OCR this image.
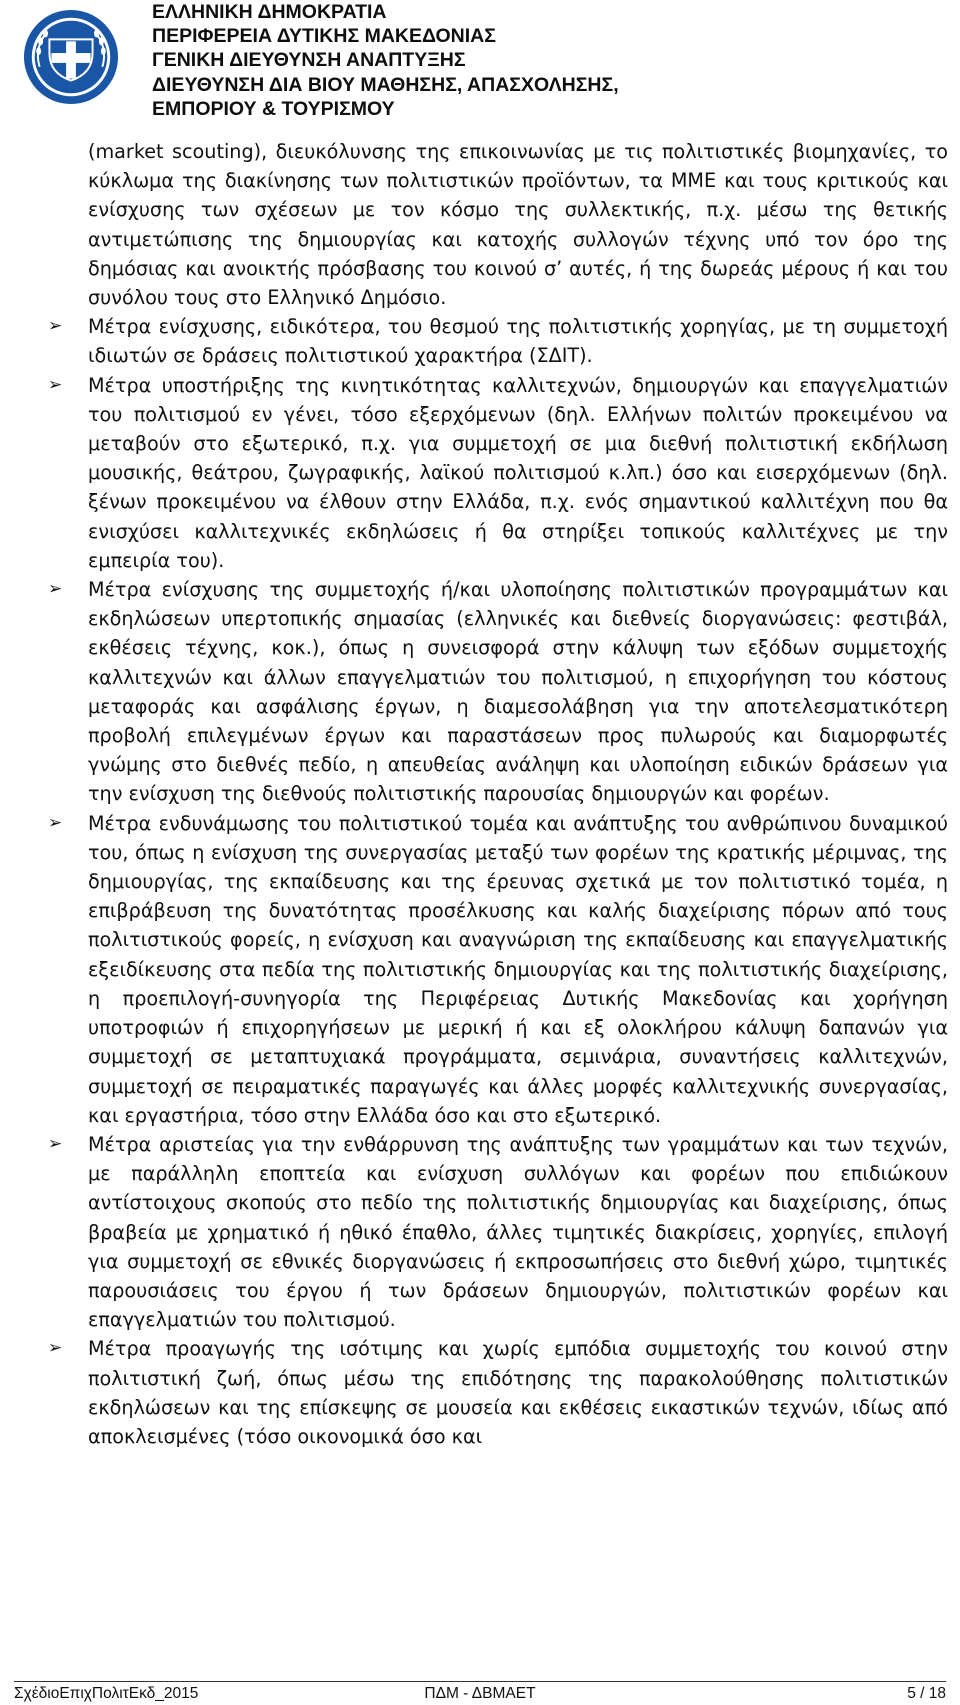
ΕΛΛΗΝΙΚΗ ΔΗΜΟΚΡΑΤΙΑ
ΠΕΡΙΦΕΡΕΙΑ ΔΥΤΙΚΗΣ ΜΑΚΕΔΟΝΙΑΣ
ΓΕΝΙΚΗ ΔΙΕΥΘΥΝΣΗ ΑΝΑΠΤΥΞΗΣ
ΔΙΕΥΘΥΝΣΗ ΔΙΑ ΒΙΟΥ ΜΑΘΗΣΗΣ, ΑΠΑΣΧΟΛΗΣΗΣ,
ΕΜΠΟΡΙΟΥ & ΤΟΥΡΙΣΜΟΥ

(market scouting), διευκόλυνσης της επικοινωνίας με τις πολιτιστικές βιομηχανίες, το κύκλωμα της διακίνησης των πολιτιστικών προϊόντων, τα ΜΜΕ και τους κριτικούς και ενίσχυσης των σχέσεων με τον κόσμο της συλλεκτικής, π.χ. μέσω της θετικής αντιμετώπισης της δημιουργίας και κατοχής συλλογών τέχνης υπό τον όρο της δημόσιας και ανοικτής πρόσβασης του κοινού σ’ αυτές, ή της δωρεάς μέρους ή και του συνόλου τους στο Ελληνικό Δημόσιο.

➢	Μέτρα ενίσχυσης, ειδικότερα, του θεσμού της πολιτιστικής χορηγίας, με τη συμμετοχή ιδιωτών σε δράσεις πολιτιστικού χαρακτήρα (ΣΔΙΤ).

➢	Μέτρα υποστήριξης της κινητικότητας καλλιτεχνών, δημιουργών και επαγγελματιών του πολιτισμού εν γένει, τόσο εξερχόμενων (δηλ. Ελλήνων πολιτών προκειμένου να μεταβούν στο εξωτερικό, π.χ. για συμμετοχή σε μια διεθνή πολιτιστική εκδήλωση μουσικής, θεάτρου, ζωγραφικής, λαϊκού πολιτισμού κ.λπ.) όσο και εισερχόμενων (δηλ. ξένων προκειμένου να έλθουν στην Ελλάδα, π.χ. ενός σημαντικού καλλιτέχνη που θα ενισχύσει καλλιτεχνικές εκδηλώσεις ή θα στηρίξει τοπικούς καλλιτέχνες με την εμπειρία του).

➢	Μέτρα ενίσχυσης της συμμετοχής ή/και υλοποίησης πολιτιστικών προγραμμάτων και εκδηλώσεων υπερτοπικής σημασίας (ελληνικές και διεθνείς διοργανώσεις: φεστιβάλ, εκθέσεις τέχνης, κοκ.), όπως η συνεισφορά στην κάλυψη των εξόδων συμμετοχής καλλιτεχνών και άλλων επαγγελματιών του πολιτισμού, η επιχορήγηση του κόστους μεταφοράς και ασφάλισης έργων, η διαμεσολάβηση για την αποτελεσματικότερη προβολή επιλεγμένων έργων και παραστάσεων προς πυλωρούς και διαμορφωτές γνώμης στο διεθνές πεδίο, η απευθείας ανάληψη και υλοποίηση ειδικών δράσεων για την ενίσχυση της διεθνούς πολιτιστικής παρουσίας δημιουργών και φορέων.

➢	Μέτρα ενδυνάμωσης του πολιτιστικού τομέα και ανάπτυξης του ανθρώπινου δυναμικού του, όπως η ενίσχυση της συνεργασίας μεταξύ των φορέων της κρατικής μέριμνας, της δημιουργίας, της εκπαίδευσης και της έρευνας σχετικά με τον πολιτιστικό τομέα, η επιβράβευση της δυνατότητας προσέλκυσης και καλής διαχείρισης πόρων από τους πολιτιστικούς φορείς, η ενίσχυση και αναγνώριση της εκπαίδευσης και επαγγελματικής εξειδίκευσης στα πεδία της πολιτιστικής δημιουργίας και της πολιτιστικής διαχείρισης, η προεπιλογή-συνηγορία της Περιφέρειας Δυτικής Μακεδονίας και χορήγηση υποτροφιών ή επιχορηγήσεων με μερική ή και εξ ολοκλήρου κάλυψη δαπανών για συμμετοχή σε μεταπτυχιακά προγράμματα, σεμινάρια, συναντήσεις καλλιτεχνών, συμμετοχή σε πειραματικές παραγωγές και άλλες μορφές καλλιτεχνικής συνεργασίας, και εργαστήρια, τόσο στην Ελλάδα όσο και στο εξωτερικό.

➢	Μέτρα αριστείας για την ενθάρρυνση της ανάπτυξης των γραμμάτων και των τεχνών, με παράλληλη εποπτεία και ενίσχυση συλλόγων και φορέων που επιδιώκουν αντίστοιχους σκοπούς στο πεδίο της πολιτιστικής δημιουργίας και διαχείρισης, όπως βραβεία με χρηματικό ή ηθικό έπαθλο, άλλες τιμητικές διακρίσεις, χορηγίες, επιλογή για συμμετοχή σε εθνικές διοργανώσεις ή εκπροσωπήσεις στο διεθνή χώρο, τιμητικές παρουσιάσεις του έργου ή των δράσεων δημιουργών, πολιτιστικών φορέων και επαγγελματιών του πολιτισμού.

➢	Μέτρα προαγωγής της ισότιμης και χωρίς εμπόδια συμμετοχής του κοινού στην πολιτιστική ζωή, όπως μέσω της επιδότησης της παρακολούθησης πολιτιστικών εκδηλώσεων και της επίσκεψης σε μουσεία και εκθέσεις εικαστικών τεχνών, ιδίως από αποκλεισμένες (τόσο οικονομικά όσο και

ΠΔΜ - ΔΒΜΑΕΤ
ΣχέδιοΕπιχΠολιτΕκδ_2015	5 / 18
